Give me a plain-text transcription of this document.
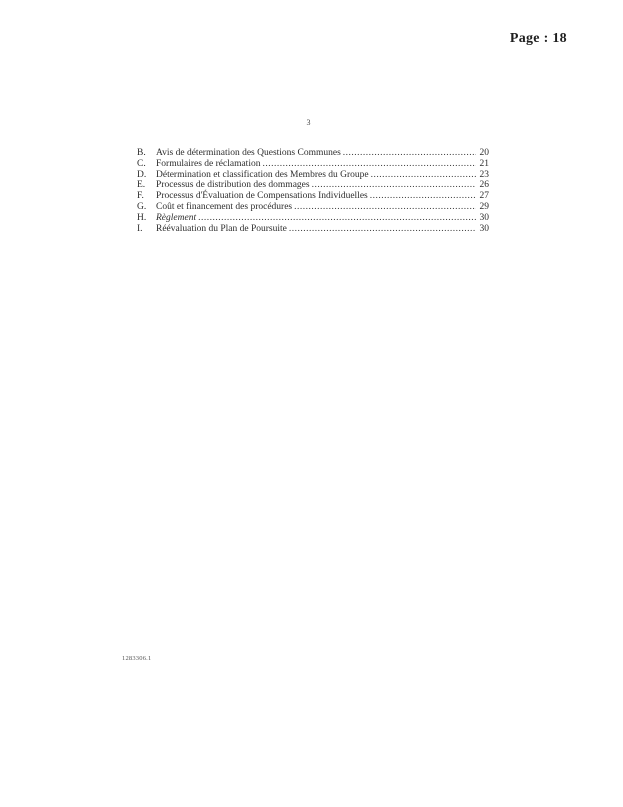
Page : 18
3
B.	Avis de détermination des Questions Communes .....	20
C.	Formulaires de réclamation .....	21
D.	Détermination et classification des Membres du Groupe .....	23
E.	Processus de distribution des dommages .....	26
F.	Processus d'Évaluation de Compensations Individuelles .....	27
G.	Coût et financement des procédures .....	29
H.	Règlement .....	30
I.	Réévaluation du Plan de Poursuite .....	30
1283306.1
